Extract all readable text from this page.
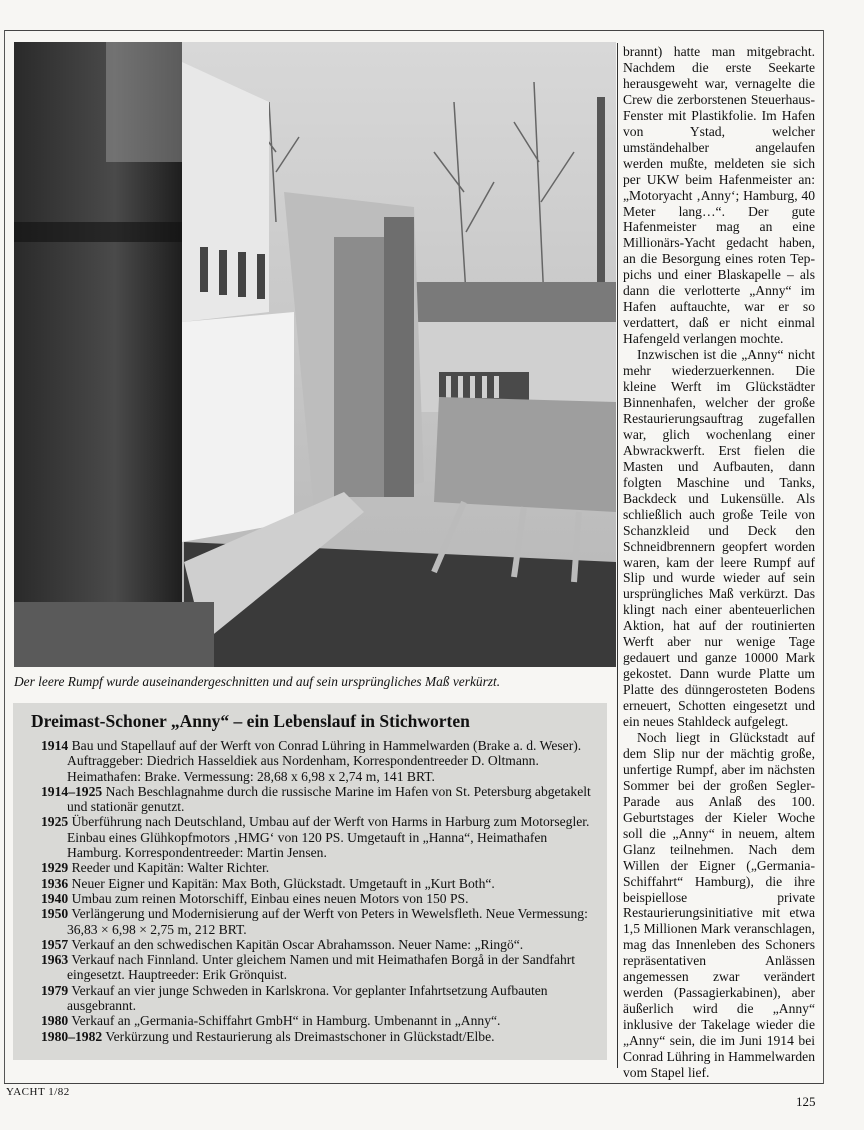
Der leere Rumpf wurde auseinandergeschnitten und auf sein ursprüngliches Maß verkürzt.
Dreimast-Schoner „Anny“ – ein Lebenslauf in Stichworten
1914 Bau und Stapellauf auf der Werft von Conrad Lühring in Hammelwarden (Brake a. d. Weser). Auftraggeber: Diedrich Hasseldiek aus Nordenham, Korrespondentreeder D. Oltmann. Heimathafen: Brake. Vermessung: 28,68 x 6,98 x 2,74 m, 141 BRT.
1914–1925 Nach Beschlagnahme durch die russische Marine im Hafen von St. Petersburg abgetakelt und stationär genutzt.
1925 Überführung nach Deutschland, Umbau auf der Werft von Harms in Harburg zum Motorsegler. Einbau eines Glühkopfmotors ‚HMG‘ von 120 PS. Umgetauft in „Hanna“, Heimathafen Hamburg. Korrespondentreeder: Martin Jensen.
1929 Reeder und Kapitän: Walter Richter.
1936 Neuer Eigner und Kapitän: Max Both, Glückstadt. Umgetauft in „Kurt Both“.
1940 Umbau zum reinen Motorschiff, Einbau eines neuen Motors von 150 PS.
1950 Verlängerung und Modernisierung auf der Werft von Peters in Wewelsfleth. Neue Vermessung: 36,83 × 6,98 × 2,75 m, 212 BRT.
1957 Verkauf an den schwedischen Kapitän Oscar Abrahamsson. Neuer Name: „Ringö“.
1963 Verkauf nach Finnland. Unter gleichem Namen und mit Heimathafen Borgå in der Sandfahrt eingesetzt. Hauptreeder: Erik Grönquist.
1979 Verkauf an vier junge Schweden in Karlskrona. Vor geplanter Infahrtsetzung Aufbauten ausgebrannt.
1980 Verkauf an „Germania-Schiffahrt GmbH“ in Hamburg. Umbenannt in „Anny“.
1980–1982 Verkürzung und Restaurierung als Dreimastschoner in Glückstadt/Elbe.

brannt) hatte man mitgebracht. Nachdem die erste Seekarte herausgeweht war, vernagelte die Crew die zerborstenen Steuerhaus-Fenster mit Plastikfolie. Im Hafen von Ystad, welcher umständehalber angelaufen werden mußte, meldeten sie sich per UKW beim Hafenmeister an: „Motoryacht ‚Anny‘; Hamburg, 40 Meter lang…“. Der gute Hafenmeister mag an eine Millionärs-Yacht gedacht haben, an die Besorgung eines roten Teppichs und einer Blaskapelle – als dann die verlotterte „Anny“ im Hafen auftauchte, war er so verdattert, daß er nicht einmal Hafengeld verlangen mochte.

Inzwischen ist die „Anny“ nicht mehr wiederzuerkennen. Die kleine Werft im Glückstädter Binnenhafen, welcher der große Restaurierungsauftrag zugefallen war, glich wochenlang einer Abwrackwerft. Erst fielen die Masten und Aufbauten, dann folgten Maschine und Tanks, Backdeck und Lukensüllе. Als schließlich auch große Teile von Schanzkleid und Deck den Schneidbrennern geopfert worden waren, kam der leere Rumpf auf Slip und wurde wieder auf sein ursprüngliches Maß verkürzt. Das klingt nach einer abenteuerlichen Aktion, hat auf der routinierten Werft aber nur wenige Tage gedauert und ganze 10000 Mark gekostet. Dann wurde Platte um Platte des dünngerosteten Bodens erneuert, Schotten eingesetzt und ein neues Stahldeck aufgelegt.

Noch liegt in Glückstadt auf dem Slip nur der mächtig große, unfertige Rumpf, aber im nächsten Sommer bei der großen Segler-Parade aus Anlaß des 100. Geburtstages der Kieler Woche soll die „Anny“ in neuem, altem Glanz teilnehmen. Nach dem Willen der Eigner („Germania-Schiffahrt“ Hamburg), die ihre beispiellose private Restaurierungsinitiative mit etwa 1,5 Millionen Mark veranschlagen, mag das Innenleben des Schoners repräsentativen Anlässen angemessen zwar verändert werden (Passagierkabinen), aber äußerlich wird die „Anny“ inklusive der Takelage wieder die „Anny“ sein, die im Juni 1914 bei Conrad Lühring in Hammelwarden vom Stapel lief.

YACHT 1/82
125
